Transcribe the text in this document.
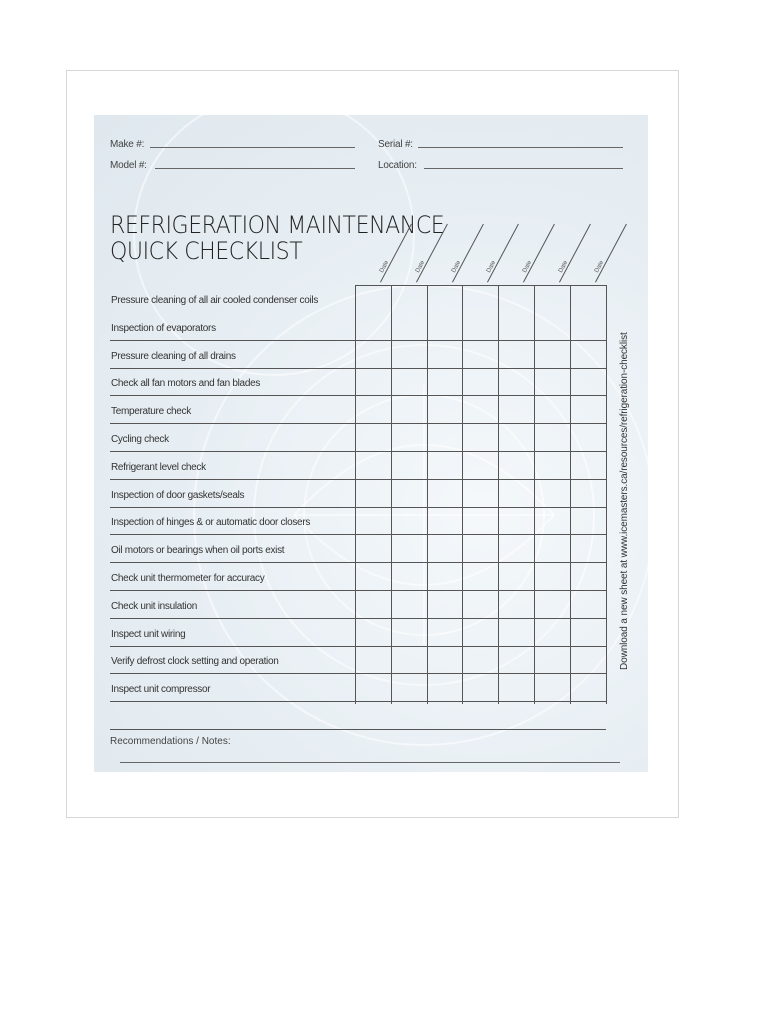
Make #:
Model #:
Serial #:
Location:
REFRIGERATION MAINTENANCE
QUICK CHECKLIST
Date	Date	Date	Date	Date	Date	Date
Pressure cleaning of all air cooled condenser coils
Inspection of evaporators
Pressure cleaning of all drains
Check all fan motors and fan blades
Temperature check
Cycling check
Refrigerant level check
Inspection of door gaskets/seals
Inspection of hinges & or automatic door closers
Oil motors or bearings when oil ports exist
Check unit thermometer for accuracy
Check unit insulation
Inspect unit wiring
Verify defrost clock setting and operation
Inspect unit compressor
Download a new sheet at www.icemasters.ca/resources/refrigeration-checklist
Recommendations / Notes:
